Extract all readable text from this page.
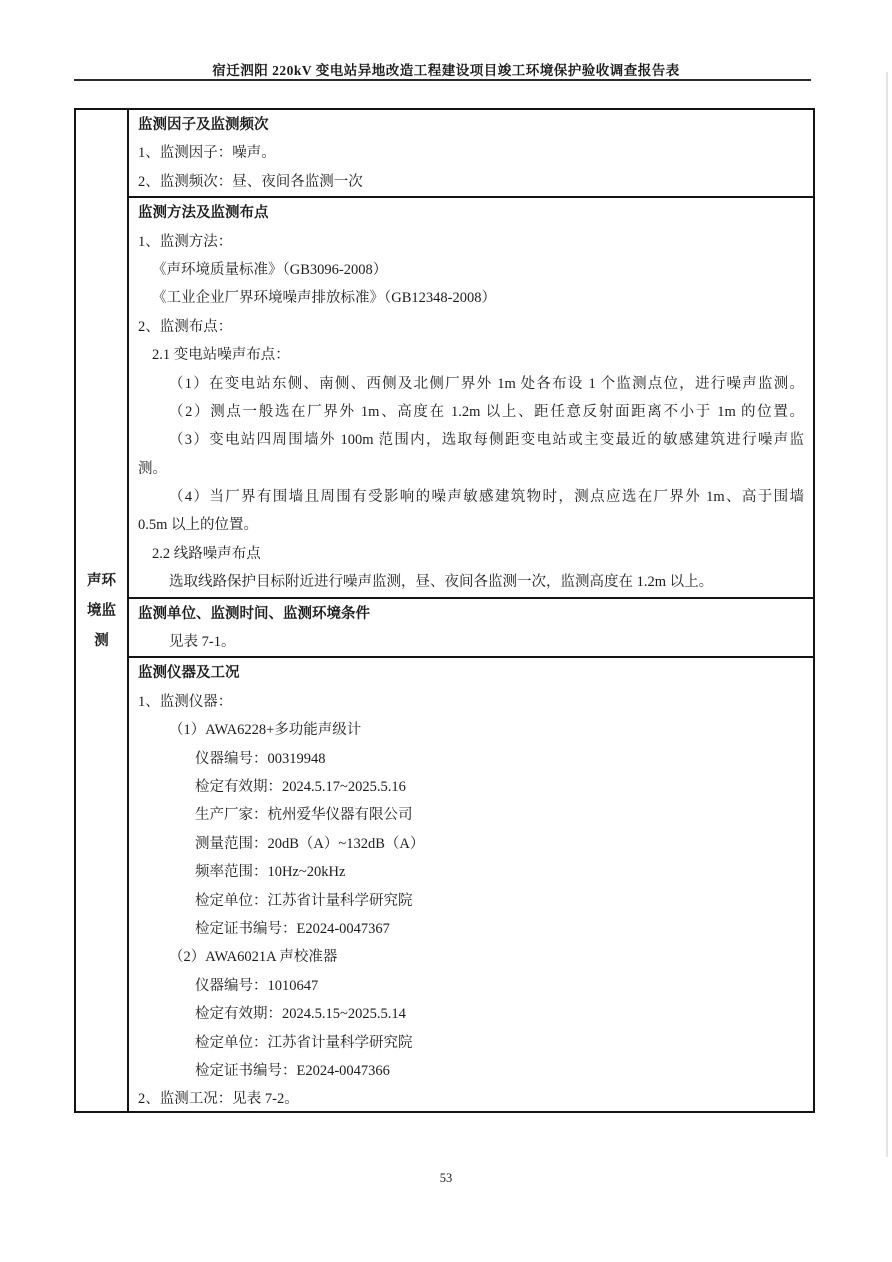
宿迁泗阳 220kV 变电站异地改造工程建设项目竣工环境保护验收调查报告表
声环
境监
测
监测因子及监测频次
1、监测因子：噪声。
2、监测频次：昼、夜间各监测一次
监测方法及监测布点
1、监测方法：
《声环境质量标准》（GB3096-2008）
《工业企业厂界环境噪声排放标准》（GB12348-2008）
2、监测布点：
2.1 变电站噪声布点：
（1）在变电站东侧、南侧、西侧及北侧厂界外 1m 处各布设 1 个监测点位，进行噪声监测。
（2）测点一般选在厂界外 1m、高度在 1.2m 以上、距任意反射面距离不小于 1m 的位置。
（3）变电站四周围墙外 100m 范围内，选取每侧距变电站或主变最近的敏感建筑进行噪声监
测。
（4）当厂界有围墙且周围有受影响的噪声敏感建筑物时，测点应选在厂界外 1m、高于围墙
0.5m 以上的位置。
2.2 线路噪声布点
选取线路保护目标附近进行噪声监测，昼、夜间各监测一次，监测高度在 1.2m 以上。
监测单位、监测时间、监测环境条件
见表 7-1。
监测仪器及工况
1、监测仪器：
（1）AWA6228+多功能声级计
仪器编号：00319948
检定有效期：2024.5.17~2025.5.16
生产厂家：杭州爱华仪器有限公司
测量范围：20dB（A）~132dB（A）
频率范围：10Hz~20kHz
检定单位：江苏省计量科学研究院
检定证书编号：E2024-0047367
（2）AWA6021A 声校准器
仪器编号：1010647
检定有效期：2024.5.15~2025.5.14
检定单位：江苏省计量科学研究院
检定证书编号：E2024-0047366
2、监测工况：见表 7-2。
53
